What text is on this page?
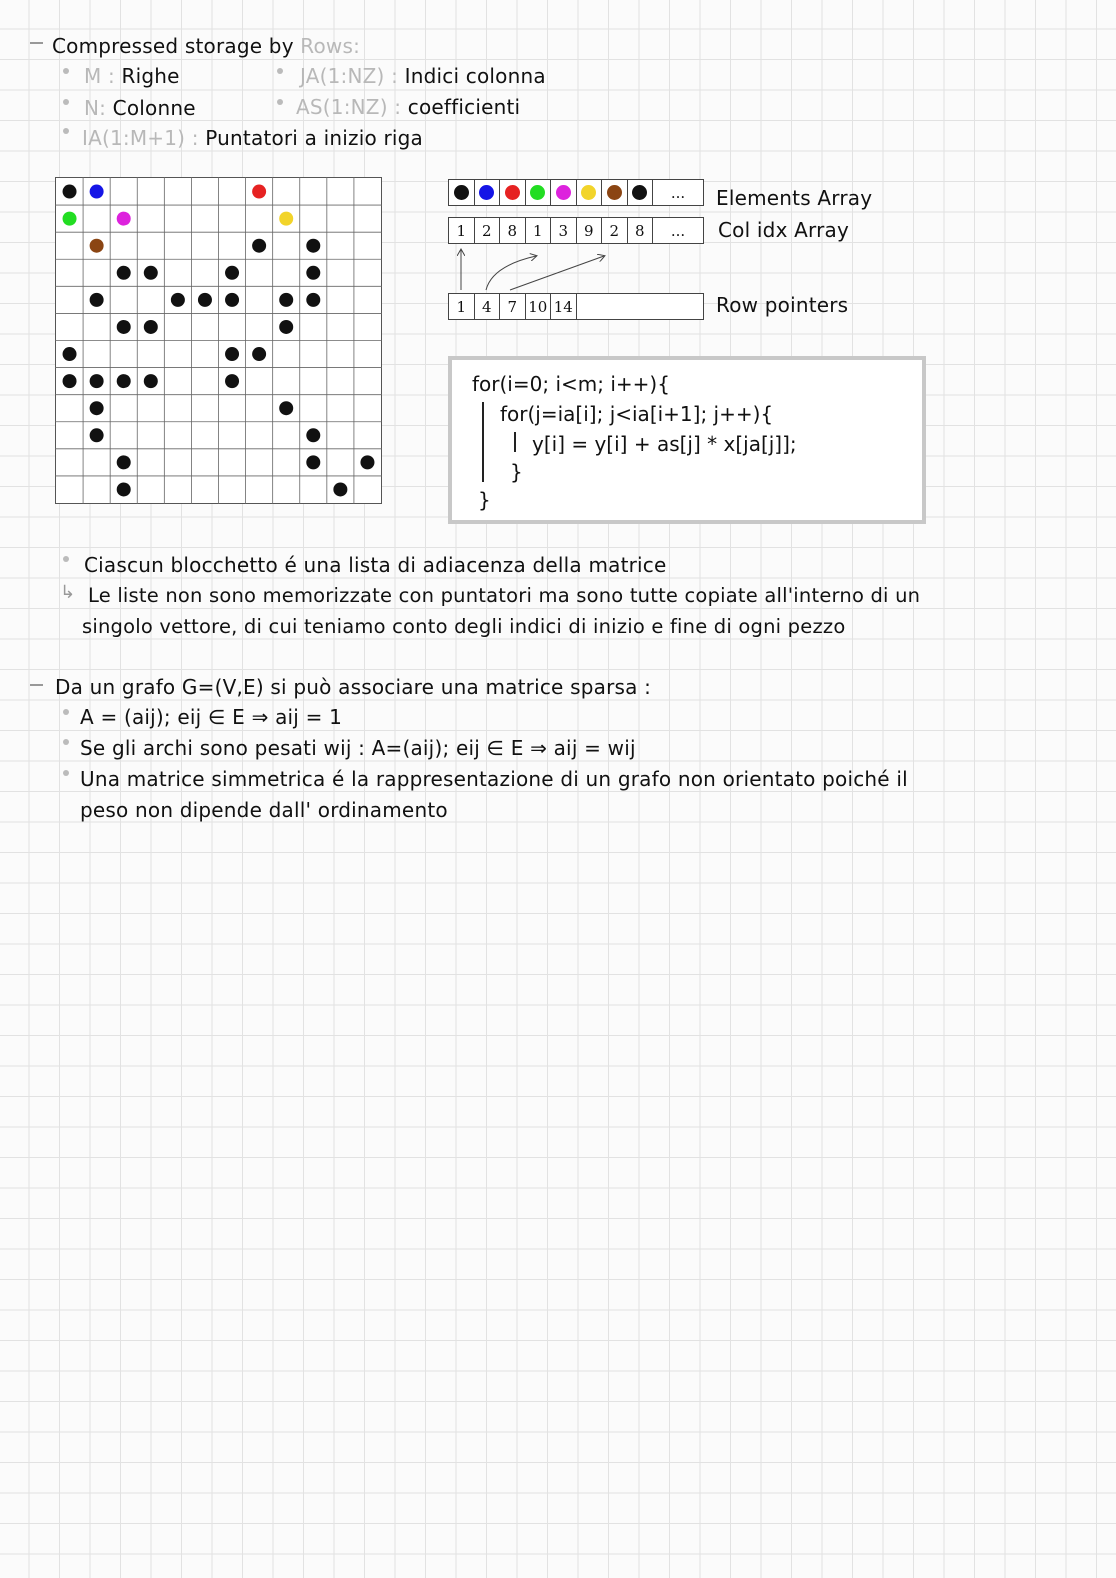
Compressed storage by Rows:
M : Righe	JA(1:NZ) : Indici colonna
N: Colonne	AS(1:NZ) : coefficienti
IA(1:M+1) : Puntatori a inizio riga
...	Elements Array
1	2	8	1	3	9	2	8	...	Col idx Array
1	4	7 10 14	Row pointers
for(i=0; i<m; i++){
for(j=ia[i]; j<ia[i+1]; j++){
y[i] = y[i] + as[j] * x[ja[j]];
}
}
Ciascun blocchetto é una lista di adiacenza della matrice
↳ Le liste non sono memorizzate con puntatori ma sono tutte copiate all'interno di un
singolo vettore, di cui teniamo conto degli indici di inizio e fine di ogni pezzo
Da un grafo G=(V,E) si può associare una matrice sparsa :
A = (aij); eij ∈ E ⇒ aij = 1
Se gli archi sono pesati wij : A=(aij); eij ∈ E ⇒ aij = wij
Una matrice simmetrica é la rappresentazione di un grafo non orientato poiché il
peso non dipende dall' ordinamento
